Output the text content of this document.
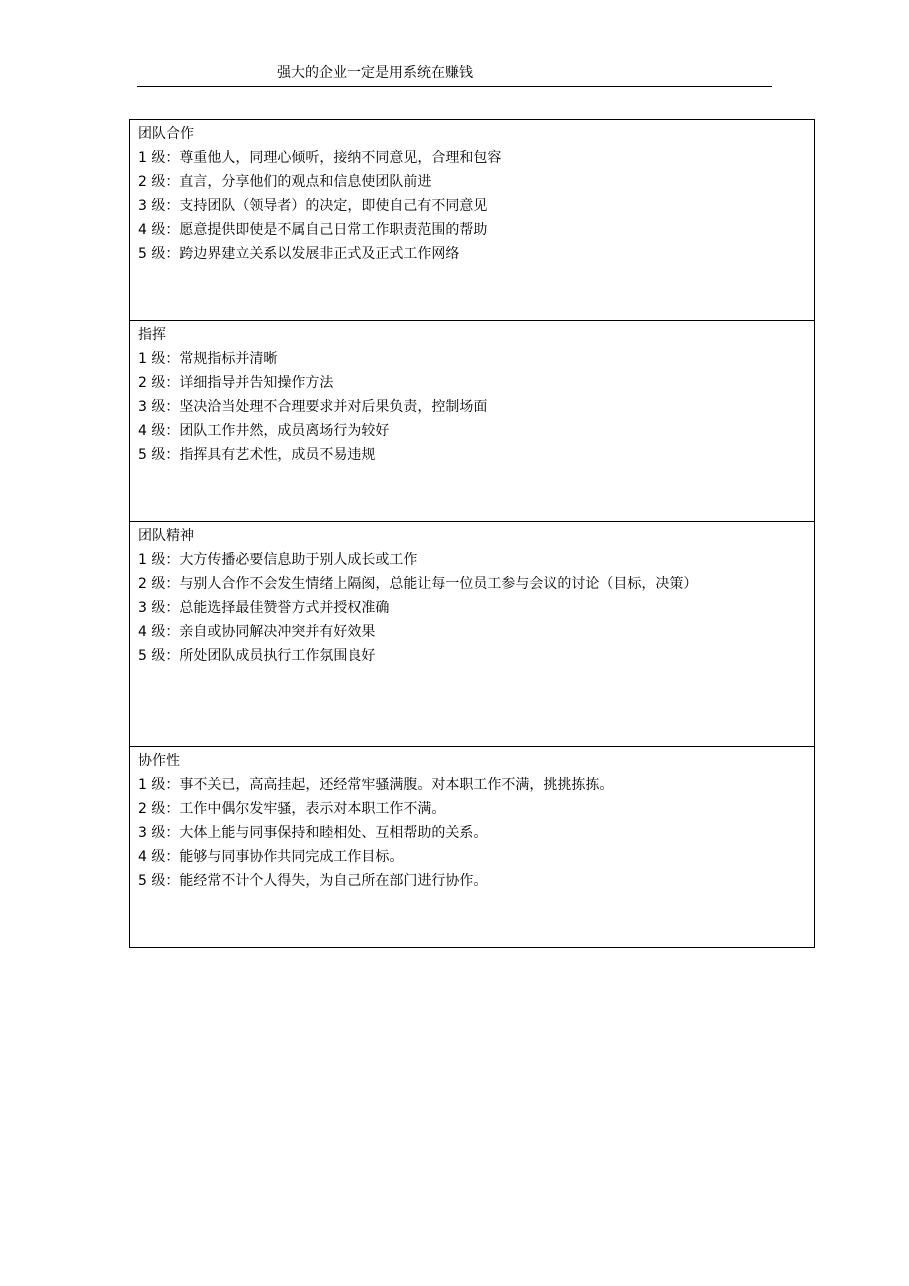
强大的企业一定是用系统在赚钱

团队合作

1 级：尊重他人，同理心倾听，接纳不同意见，合理和包容
2 级：直言，分享他们的观点和信息使团队前进
3 级：支持团队（领导者）的决定，即使自己有不同意见
4 级：愿意提供即使是不属自己日常工作职责范围的帮助
5 级：跨边界建立关系以发展非正式及正式工作网络

指挥

1 级：常规指标并清晰
2 级：详细指导并告知操作方法
3 级：坚决洽当处理不合理要求并对后果负责，控制场面
4 级：团队工作井然，成员离场行为较好
5 级：指挥具有艺术性，成员不易违规

团队精神

1 级：大方传播必要信息助于别人成长或工作
2 级：与别人合作不会发生情绪上隔阂，总能让每一位员工参与会议的讨论（目标，决策）
3 级：总能选择最佳赞誉方式并授权准确
4 级：亲自或协同解决冲突并有好效果
5 级：所处团队成员执行工作氛围良好

协作性

1 级：事不关已，高高挂起，还经常牢骚满腹。对本职工作不满，挑挑拣拣。
2 级：工作中偶尔发牢骚，表示对本职工作不满。
3 级：大体上能与同事保持和睦相处、互相帮助的关系。
4 级：能够与同事协作共同完成工作目标。
5 级：能经常不计个人得失，为自己所在部门进行协作。
